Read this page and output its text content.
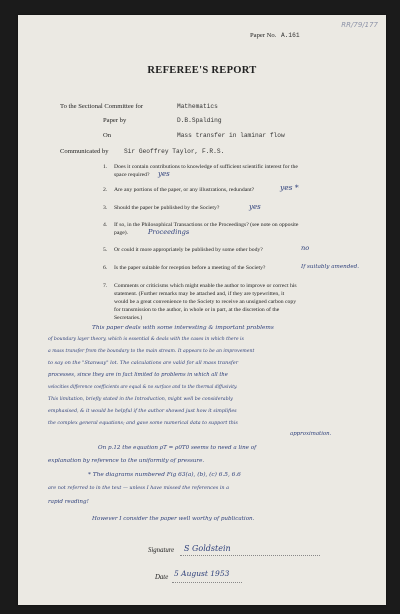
RR/79/177
Paper No. A.161
REFEREE'S REPORT
To the Sectional Committee for	Mathematics
Paper by	D.B.Spalding
On	Mass transfer in laminar flow
Communicated by Sir Geoffrey Taylor, F.R.S.
1. Does it contain contributions to knowledge of sufficient scientific interest for the
space required? yes
2. Are any portions of the paper, or any illustrations, redundant?	yes *
3. Should the paper be published by the Society?	yes
4. If so, in the Philosophical Transactions or the Proceedings? (see note on opposite
page).	Proceedings
5. Or could it more appropriately be published by some other body?	no
6. Is the paper suitable for reception before a meeting of the Society?	If suitably amended.
7. Comments or criticisms which might enable the author to improve or correct his
statement. (Further remarks may be attached and, if they are typewritten, it
would be a great convenience to the Society to receive an unsigned carbon copy
for transmission to the author, in whole or in part, at the discretion of the
Secretaries.)
This paper deals with some interesting & important problems
of boundary layer theory, which is essential & deals with the cases in which there is
a mass transfer from the boundary to the main stream. It appears to be an improvement
to say on the "Stanway" lot. The calculations are valid for all mass transfer
processes, since they are in fact limited to problems in which all the
velocities difference coefficients are equal & no surface and to the thermal diffusivity.
This limitation, briefly stated in the Introduction, might well be considerably
emphasised, & it would be helpful if the author showed just how it simplifies
the complex general equations; and gave some numerical data to support this
approximation.
On p.12 the equation ρT = ρ0T0 seems to need a line of
explanation by reference to the uniformity of pressure.
* The diagrams numbered Fig 63(a), (b), (c) 6.5, 6.6
are not referred to in the text — unless I have missed the references in a
rapid reading!
However I consider the paper well worthy of publication.
Signature S Goldstein
Date 5 August 1953
